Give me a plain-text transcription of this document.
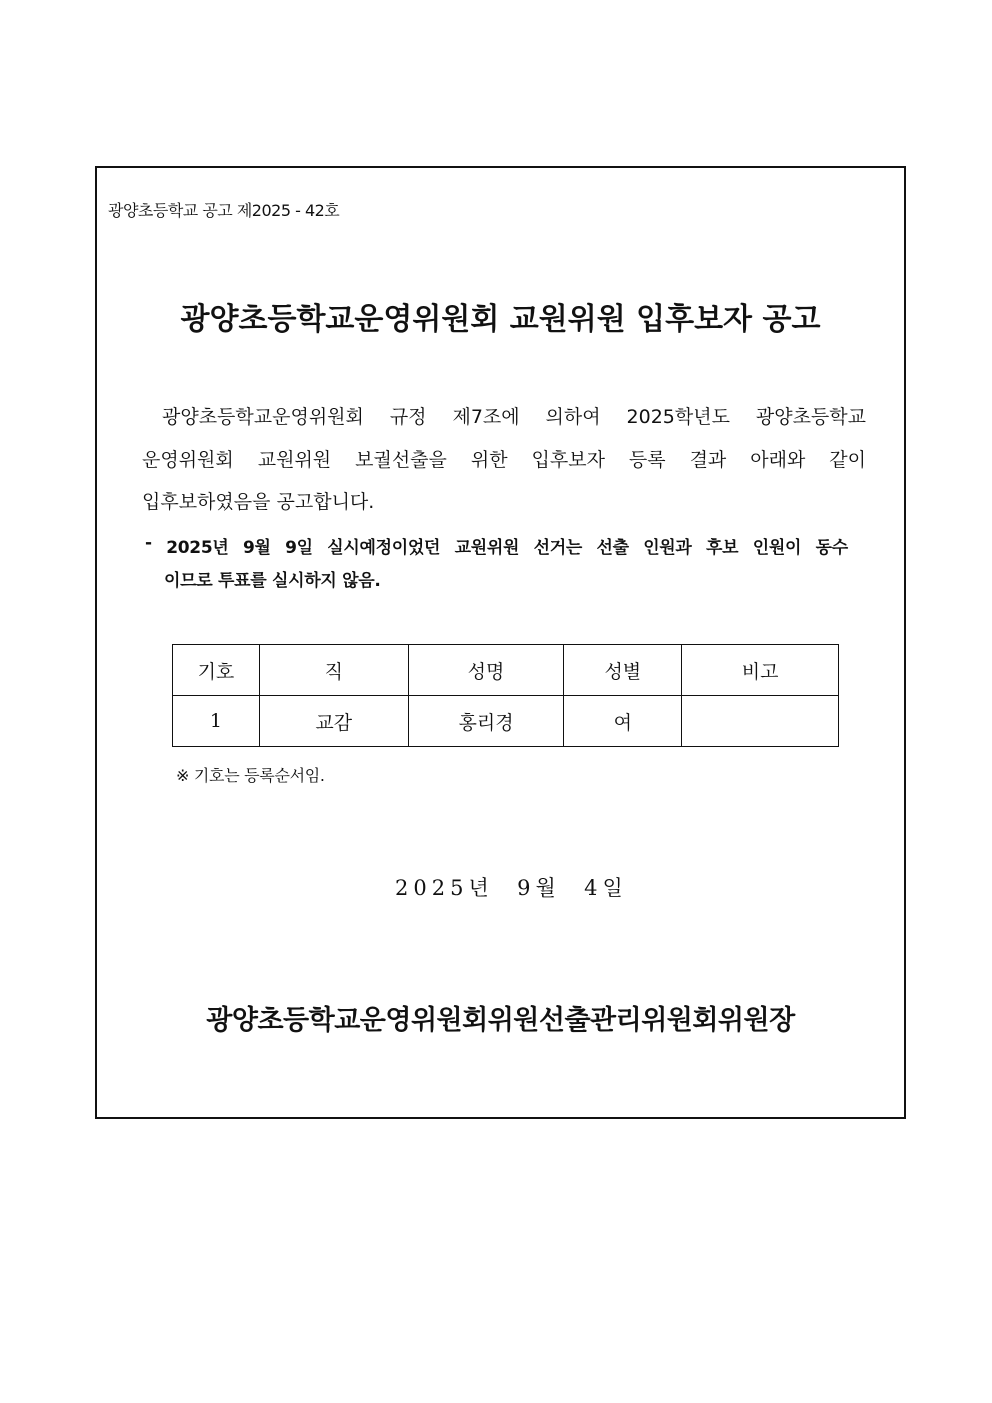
광양초등학교 공고 제2025 - 42호
광양초등학교운영위원회 교원위원 입후보자 공고
광양초등학교운영위원회 규정 제7조에 의하여 2025학년도 광양초등학교
운영위원회 교원위원 보궐선출을 위한 입후보자 등록 결과 아래와 같이
입후보하였음을 공고합니다.
- 2025년 9월 9일 실시예정이었던 교원위원 선거는 선출 인원과 후보 인원이 동수
이므로 투표를 실시하지 않음.
기호	직	성명	성별	비고
1	교감	홍리경	여	
※ 기호는 등록순서임.
2025년  9월  4일
광양초등학교운영위원회위원선출관리위원회위원장
